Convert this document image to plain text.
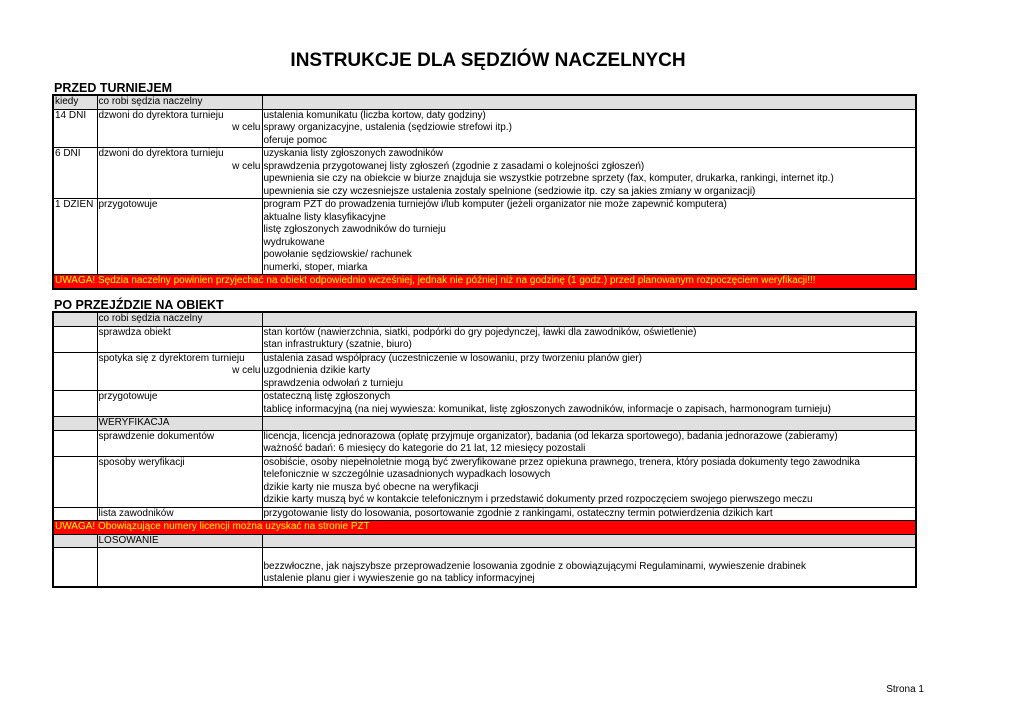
INSTRUKCJE DLA SĘDZIÓW NACZELNYCH
PRZED TURNIEJEM
kiedy	co robi sędzia naczelny	
14 DNI	dzwoni do dyrektora turnieju	ustalenia komunikatu (liczba kortow, daty godziny)
	w celu	sprawy organizacyjne, ustalenia (sędziowie strefowi itp.)
		oferuje pomoc
6 DNI	dzwoni do dyrektora turnieju	uzyskania listy zgłoszonych zawodników
	w celu	sprawdzenia przygotowanej listy zgłoszeń (zgodnie z zasadami o kolejności zgłoszeń)
		upewnienia sie czy na obiekcie w biurze znajduja sie wszystkie potrzebne sprzety (fax, komputer, drukarka, rankingi, internet itp.)
		upewnienia sie czy wczesniejsze ustalenia zostaly spelnione (sedziowie itp. czy sa jakies zmiany w organizacji)
1 DZIEN	przygotowuje	program PZT do prowadzenia turniejów i/lub komputer (jeżeli organizator nie może zapewnić komputera)
		aktualne listy klasyfikacyjne
		listę zgłoszonych zawodników do turnieju
		wydrukowane
		powołanie sędziowskie/ rachunek
		numerki, stoper, miarka
UWAGA! Sędzia naczelny powinien przyjechać na obiekt odpowiednio wcześniej, jednak nie później niż na godzinę (1 godz.) przed planowanym rozpoczęciem weryfikacji!!!		
PO PRZEJŹDZIE NA OBIEKT
	co robi sędzia naczelny	
	sprawdza obiekt	stan kortów (nawierzchnia, siatki, podpórki do gry pojedynczej, ławki dla zawodników, oświetlenie)
		stan infrastruktury (szatnie, biuro)
	spotyka się z dyrektorem turnieju	ustalenia zasad współpracy (uczestniczenie w losowaniu, przy tworzeniu planów gier)
	w celu	uzgodnienia dzikie karty
		sprawdzenia odwołań z turnieju
	przygotowuje	ostateczną listę zgłoszonych
		tablicę informacyjną (na niej wywiesza: komunikat, listę zgłoszonych zawodników, informacje o zapisach, harmonogram turnieju)
	WERYFIKACJA	
	sprawdzenie dokumentów	licencja, licencja jednorazowa (opłatę przyjmuje organizator), badania (od lekarza sportowego), badania jednorazowe (zabieramy)
		ważność badań: 6 miesięcy do kategorie do 21 lat, 12 miesięcy pozostali
	sposoby weryfikacji	osobiście, osoby niepełnoletnie mogą być zweryfikowane przez opiekuna prawnego, trenera, który posiada dokumenty tego zawodnika
		telefonicznie w szczególnie uzasadnionych wypadkach losowych
		dzikie karty nie musza być obecne na weryfikacji
		dzikie karty muszą być w kontakcie telefonicznym i przedstawić dokumenty przed rozpoczęciem swojego pierwszego meczu
	lista zawodników	przygotowanie listy do losowania, posortowanie zgodnie z rankingami, ostateczny termin potwierdzenia dzikich kart
UWAGA! Obowiązujące numery licencji można uzyskać na stronie PZT		
	LOSOWANIE	

		bezzwłoczne, jak najszybsze przeprowadzenie losowania zgodnie z obowiązującymi Regulaminami, wywieszenie drabinek
		ustalenie planu gier i wywieszenie go na tablicy informacyjnej
Strona 1
